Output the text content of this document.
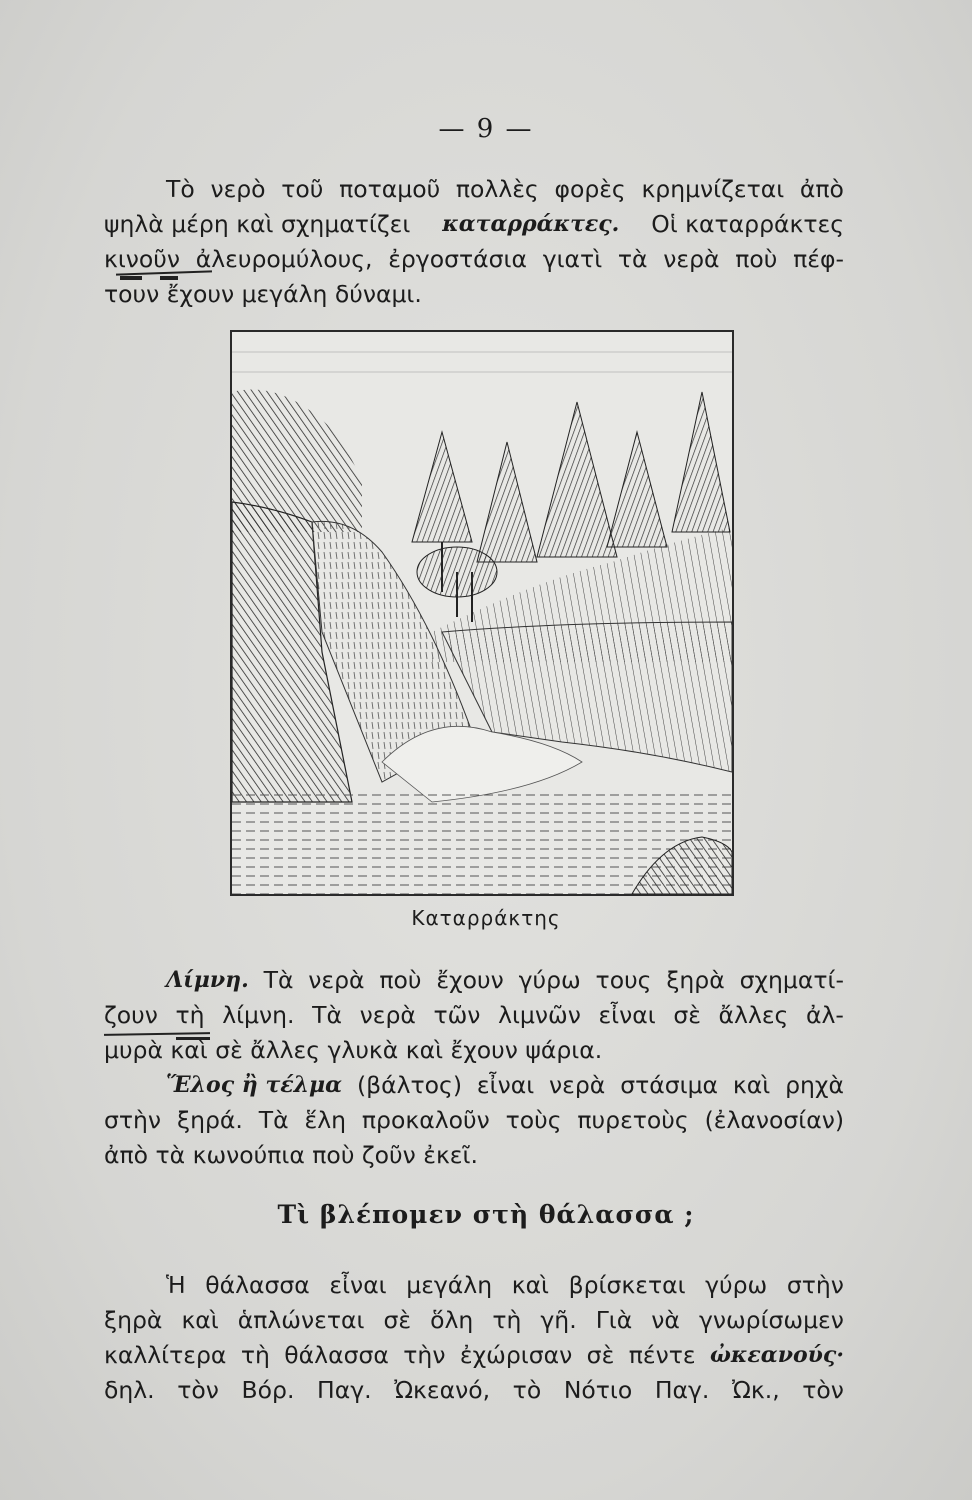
— 9 —
Τὸ νερὸ τοῦ ποταμοῦ πολλὲς φορὲς κρημνίζεται ἀπὸ
ψηλὰ μέρη καὶ σχηματίζει καταρράκτες. Οἱ καταρράκτες
κινοῦν ἀλευρομύλους, ἐργοστάσια γιατὶ τὰ νερὰ ποὺ πέφ-
τουν ἔχουν μεγάλη δύναμι.
Καταρράκτης
Λίμνη. Τὰ νερὰ ποὺ ἔχουν γύρω τους ξηρὰ σχηματί-
ζουν τὴ λίμνη. Τὰ νερὰ τῶν λιμνῶν εἶναι σὲ ἄλλες ἀλ-
μυρὰ καὶ σὲ ἄλλες γλυκὰ καὶ ἔχουν ψάρια.
Ἕλος ἢ τέλμα (βάλτος) εἶναι νερὰ στάσιμα καὶ ρηχὰ
στὴν ξηρά. Τὰ ἕλη προκαλοῦν τοὺς πυρετοὺς (ἐλανοσίαν)
ἀπὸ τὰ κωνούπια ποὺ ζοῦν ἐκεῖ.
Τὶ βλέπομεν στὴ θάλασσα ;
Ἡ θάλασσα εἶναι μεγάλη καὶ βρίσκεται γύρω στὴν
ξηρὰ καὶ ἁπλώνεται σὲ ὅλη τὴ γῆ. Γιὰ νὰ γνωρίσωμεν
καλλίτερα τὴ θάλασσα τὴν ἐχώρισαν σὲ πέντε ὠκεανούς·
δηλ. τὸν Βόρ. Παγ. Ὠκεανό, τὸ Νότιο Παγ. Ὠκ., τὸν
